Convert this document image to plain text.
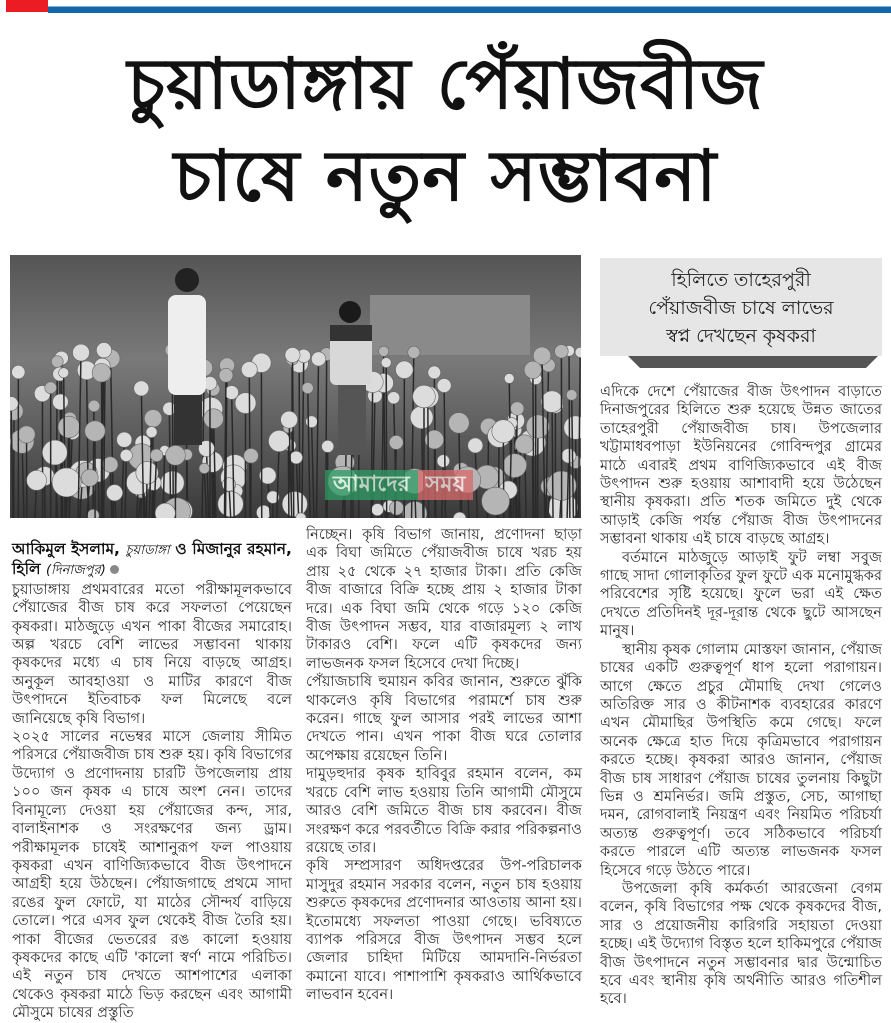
চুয়াডাঙ্গায় পেঁয়াজবীজ
চাষে নতুন সম্ভাবনা
আমাদের সময়
হিলিতে তাহেরপুরী
পেঁয়াজবীজ চাষে লাভের
স্বপ্ন দেখছেন কৃষকরা
আকিমুল ইসলাম, চুয়াডাঙ্গা ও মিজানুর রহমান, হিলি (দিনাজপুর)

চুয়াডাঙ্গায় প্রথমবারের মতো পরীক্ষামূলকভাবে পেঁয়াজের বীজ চাষ করে সফলতা পেয়েছেন কৃষকরা। মাঠজুড়ে এখন পাকা বীজের সমারোহ। অল্প খরচে বেশি লাভের সম্ভাবনা থাকায় কৃষকদের মধ্যে এ চাষ নিয়ে বাড়ছে আগ্রহ। অনুকূল আবহাওয়া ও মাটির কারণে বীজ উৎপাদনে ইতিবাচক ফল মিলেছে বলে জানিয়েছে কৃষি বিভাগ।

২০২৫ সালের নভেম্বর মাসে জেলায় সীমিত পরিসরে পেঁয়াজবীজ চাষ শুরু হয়। কৃষি বিভাগের উদ্যোগ ও প্রণোদনায় চারটি উপজেলায় প্রায় ১০০ জন কৃষক এ চাষে অংশ নেন। তাদের বিনামূল্যে দেওয়া হয় পেঁয়াজের কন্দ, সার, বালাইনাশক ও সংরক্ষণের জন্য ড্রাম। পরীক্ষামূলক চাষেই আশানুরূপ ফল পাওয়ায় কৃষকরা এখন বাণিজ্যিকভাবে বীজ উৎপাদনে আগ্রহী হয়ে উঠছেন। পেঁয়াজগাছে প্রথমে সাদা রঙের ফুল ফোটে, যা মাঠের সৌন্দর্য বাড়িয়ে তোলে। পরে এসব ফুল থেকেই বীজ তৈরি হয়। পাকা বীজের ভেতরের রঙ কালো হওয়ায় কৃষকদের কাছে এটি 'কালো স্বর্ণ' নামে পরিচিত। এই নতুন চাষ দেখতে আশপাশের এলাকা থেকেও কৃষকরা মাঠে ভিড় করছেন এবং আগামী মৌসুমে চাষের প্রস্তুতি

নিচ্ছেন। কৃষি বিভাগ জানায়, প্রণোদনা ছাড়া এক বিঘা জমিতে পেঁয়াজবীজ চাষে খরচ হয় প্রায় ২৫ থেকে ২৭ হাজার টাকা। প্রতি কেজি বীজ বাজারে বিক্রি হচ্ছে প্রায় ২ হাজার টাকা দরে। এক বিঘা জমি থেকে গড়ে ১২০ কেজি বীজ উৎপাদন সম্ভব, যার বাজারমূল্য ২ লাখ টাকারও বেশি। ফলে এটি কৃষকদের জন্য লাভজনক ফসল হিসেবে দেখা দিচ্ছে।

পেঁয়াজচাষি হুমায়ন কবির জানান, শুরুতে ঝুঁকি থাকলেও কৃষি বিভাগের পরামর্শে চাষ শুরু করেন। গাছে ফুল আসার পরই লাভের আশা দেখতে পান। এখন পাকা বীজ ঘরে তোলার অপেক্ষায় রয়েছেন তিনি।

দামুড়হুদার কৃষক হাবিবুর রহমান বলেন, কম খরচে বেশি লাভ হওয়ায় তিনি আগামী মৌসুমে আরও বেশি জমিতে বীজ চাষ করবেন। বীজ সংরক্ষণ করে পরবর্তীতে বিক্রি করার পরিকল্পনাও রয়েছে তার।

কৃষি সম্প্রসারণ অধিদপ্তরের উপ-পরিচালক মাসুদুর রহমান সরকার বলেন, নতুন চাষ হওয়ায় শুরুতে কৃষকদের প্রণোদনার আওতায় আনা হয়। ইতোমধ্যে সফলতা পাওয়া গেছে। ভবিষ্যতে ব্যাপক পরিসরে বীজ উৎপাদন সম্ভব হলে জেলার চাহিদা মিটিয়ে আমদানি-নির্ভরতা কমানো যাবে। পাশাপাশি কৃষকরাও আর্থিকভাবে লাভবান হবেন।

এদিকে দেশে পেঁয়াজের বীজ উৎপাদন বাড়াতে দিনাজপুরের হিলিতে শুরু হয়েছে উন্নত জাতের তাহেরপুরী পেঁয়াজবীজ চাষ। উপজেলার খট্টামাধবপাড়া ইউনিয়নের গোবিন্দপুর গ্রামের মাঠে এবারই প্রথম বাণিজ্যিকভাবে এই বীজ উৎপাদন শুরু হওয়ায় আশাবাদী হয়ে উঠেছেন স্থানীয় কৃষকরা। প্রতি শতক জমিতে দুই থেকে আড়াই কেজি পর্যন্ত পেঁয়াজ বীজ উৎপাদনের সম্ভাবনা থাকায় এই চাষে বাড়ছে আগ্রহ।

বর্তমানে মাঠজুড়ে আড়াই ফুট লম্বা সবুজ গাছে সাদা গোলাকৃতির ফুল ফুটে এক মনোমুগ্ধকর পরিবেশের সৃষ্টি হয়েছে। ফুলে ভরা এই ক্ষেত দেখতে প্রতিদিনই দূর-দূরান্ত থেকে ছুটে আসছেন মানুষ।

স্থানীয় কৃষক গোলাম মোস্তফা জানান, পেঁয়াজ চাষের একটি গুরুত্বপূর্ণ ধাপ হলো পরাগায়ন। আগে ক্ষেতে প্রচুর মৌমাছি দেখা গেলেও অতিরিক্ত সার ও কীটনাশক ব্যবহারের কারণে এখন মৌমাছির উপস্থিতি কমে গেছে। ফলে অনেক ক্ষেত্রে হাত দিয়ে কৃত্রিমভাবে পরাগায়ন করতে হচ্ছে। কৃষকরা আরও জানান, পেঁয়াজ বীজ চাষ সাধারণ পেঁয়াজ চাষের তুলনায় কিছুটা ভিন্ন ও শ্রমনির্ভর। জমি প্রস্তুত, সেচ, আগাছা দমন, রোগবালাই নিয়ন্ত্রণ এবং নিয়মিত পরিচর্যা অত্যন্ত গুরুত্বপূর্ণ। তবে সঠিকভাবে পরিচর্যা করতে পারলে এটি অত্যন্ত লাভজনক ফসল হিসেবে গড়ে উঠতে পারে।

উপজেলা কৃষি কর্মকর্তা আরজেনা বেগম বলেন, কৃষি বিভাগের পক্ষ থেকে কৃষকদের বীজ, সার ও প্রয়োজনীয় কারিগরি সহায়তা দেওয়া হচ্ছে। এই উদ্যোগ বিস্তৃত হলে হাকিমপুরে পেঁয়াজ বীজ উৎপাদনে নতুন সম্ভাবনার দ্বার উন্মোচিত হবে এবং স্থানীয় কৃষি অর্থনীতি আরও গতিশীল হবে।
